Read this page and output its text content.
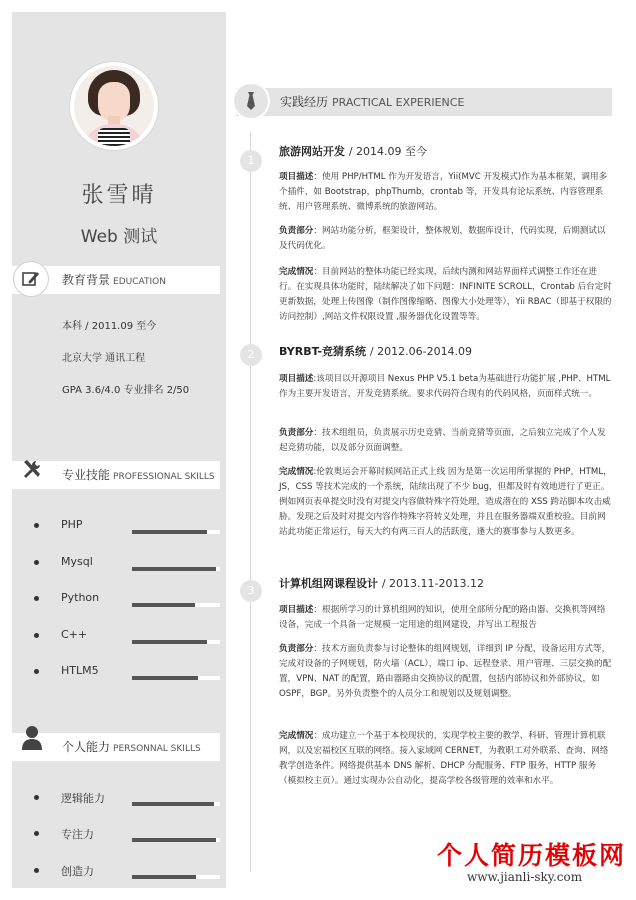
张雪晴
Web 测试
教育背景 EDUCATION
本科 / 2011.09 至今
北京大学 通讯工程
GPA 3.6/4.0 专业排名 2/50
专业技能 PROFESSIONAL SKILLS
PHP
Mysql
Python
C++
HTLM5
个人能力 PERSONNAL SKILLS
逻辑能力
专注力
创造力
实践经历 PRACTICAL EXPERIENCE
1
旅游网站开发 / 2014.09 至今
项目描述：使用 PHP/HTML 作为开发语言，Yii(MVC 开发模式)作为基本框架，调用多个插件，如 Bootstrap，phpThumb，crontab 等，开发具有论坛系统、内容管理系统、用户管理系统、微博系统的旅游网站。
负责部分：网站功能分析，框架设计，整体规划，数据库设计，代码实现，后期测试以及代码优化。
完成情况：目前网站的整体功能已经实现，后续内测和网站界面样式调整工作还在进行。在实现具体功能时，陆续解决了如下问题：INFINITE SCROLL，Crontab 后台定时更新数据，处理上传图像（制作图像缩略、图像大小处理等），Yii RBAC（即基于权限的访问控制）,网站文件权限设置 ,服务器优化设置等等。
2	BYRBT-竞猜系统 / 2012.06-2014.09
项目描述:该项目以开源项目 Nexus PHP V5.1 beta为基础进行功能扩展 ,PHP、HTML 作为主要开发语言，开发竞猜系统。要求代码符合现有的代码风格，页面样式统一。
负责部分：技术组组员，负责展示历史竞猜、当前竞猜等页面，之后独立完成了个人发起竞猜功能，以及部分页面调整。
完成情况:伦敦奥运会开幕时候网站正式上线 因为是第一次运用所掌握的 PHP，HTML，JS，CSS 等技术完成的一个系统，陆续出现了不少 bug，但都及时有效地进行了更正。例如网页表单提交时没有对提交内容做特殊字符处理，造成潜在的 XSS 跨站脚本攻击威胁。发现之后及时对提交内容作特殊字符转义处理，并且在服务器端双重校验。目前网站此功能正常运行，每天大约有两三百人的活跃度，逢大的赛事参与人数更多。
3
计算机组网课程设计 / 2013.11-2013.12
项目描述：根据所学习的计算机组网的知识，使用全部所分配的路由器、交换机等网络设备，完成一个具备一定规模一定用途的组网建设，并写出工程报告
负责部分：技术方面负责参与讨论整体的组网规划，详细到 IP 分配，设备运用方式等，完成对设备的子网规划，防火墙（ACL），端口 ip、远程登录、用户管理、三层交换的配置，VPN、NAT 的配置，路由器路由交换协议的配置，包括内部协议和外部协议，如 OSPF，BGP。另外负责整个的人员分工和规划以及规划调整。
完成情况：成功建立一个基于本校现状的，实现学校主要的教学、科研、管理计算机联网，以及宏福校区互联的网络。接入家域网 CERNET，为教职工对外联系、查询、网络教学创造条件。网络提供基本 DNS 解析、DHCP 分配服务、FTP 服务，HTTP 服务（模拟校主页）。通过实现办公自动化，提高学校各级管理的效率和水平。
个人简历模板网
www.jianli-sky.com
